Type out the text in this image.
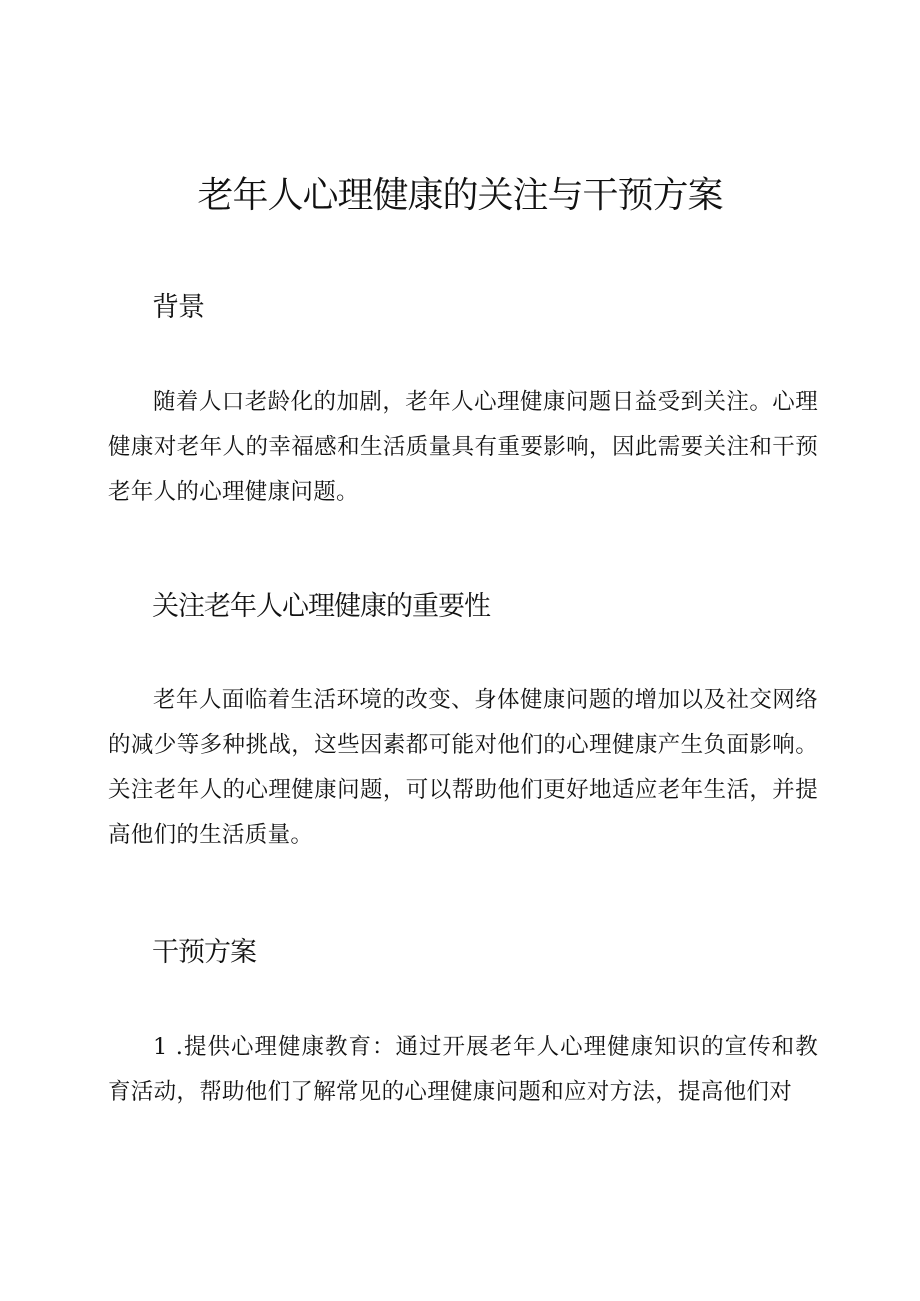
老年人心理健康的关注与干预方案
背景

随着人口老龄化的加剧，老年人心理健康问题日益受到关注。心理健康对老年人的幸福感和生活质量具有重要影响，因此需要关注和干预老年人的心理健康问题。

关注老年人心理健康的重要性

老年人面临着生活环境的改变、身体健康问题的增加以及社交网络的减少等多种挑战，这些因素都可能对他们的心理健康产生负面影响。关注老年人的心理健康问题，可以帮助他们更好地适应老年生活，并提高他们的生活质量。

干预方案

1 .提供心理健康教育：通过开展老年人心理健康知识的宣传和教育活动，帮助他们了解常见的心理健康问题和应对方法，提高他们对
